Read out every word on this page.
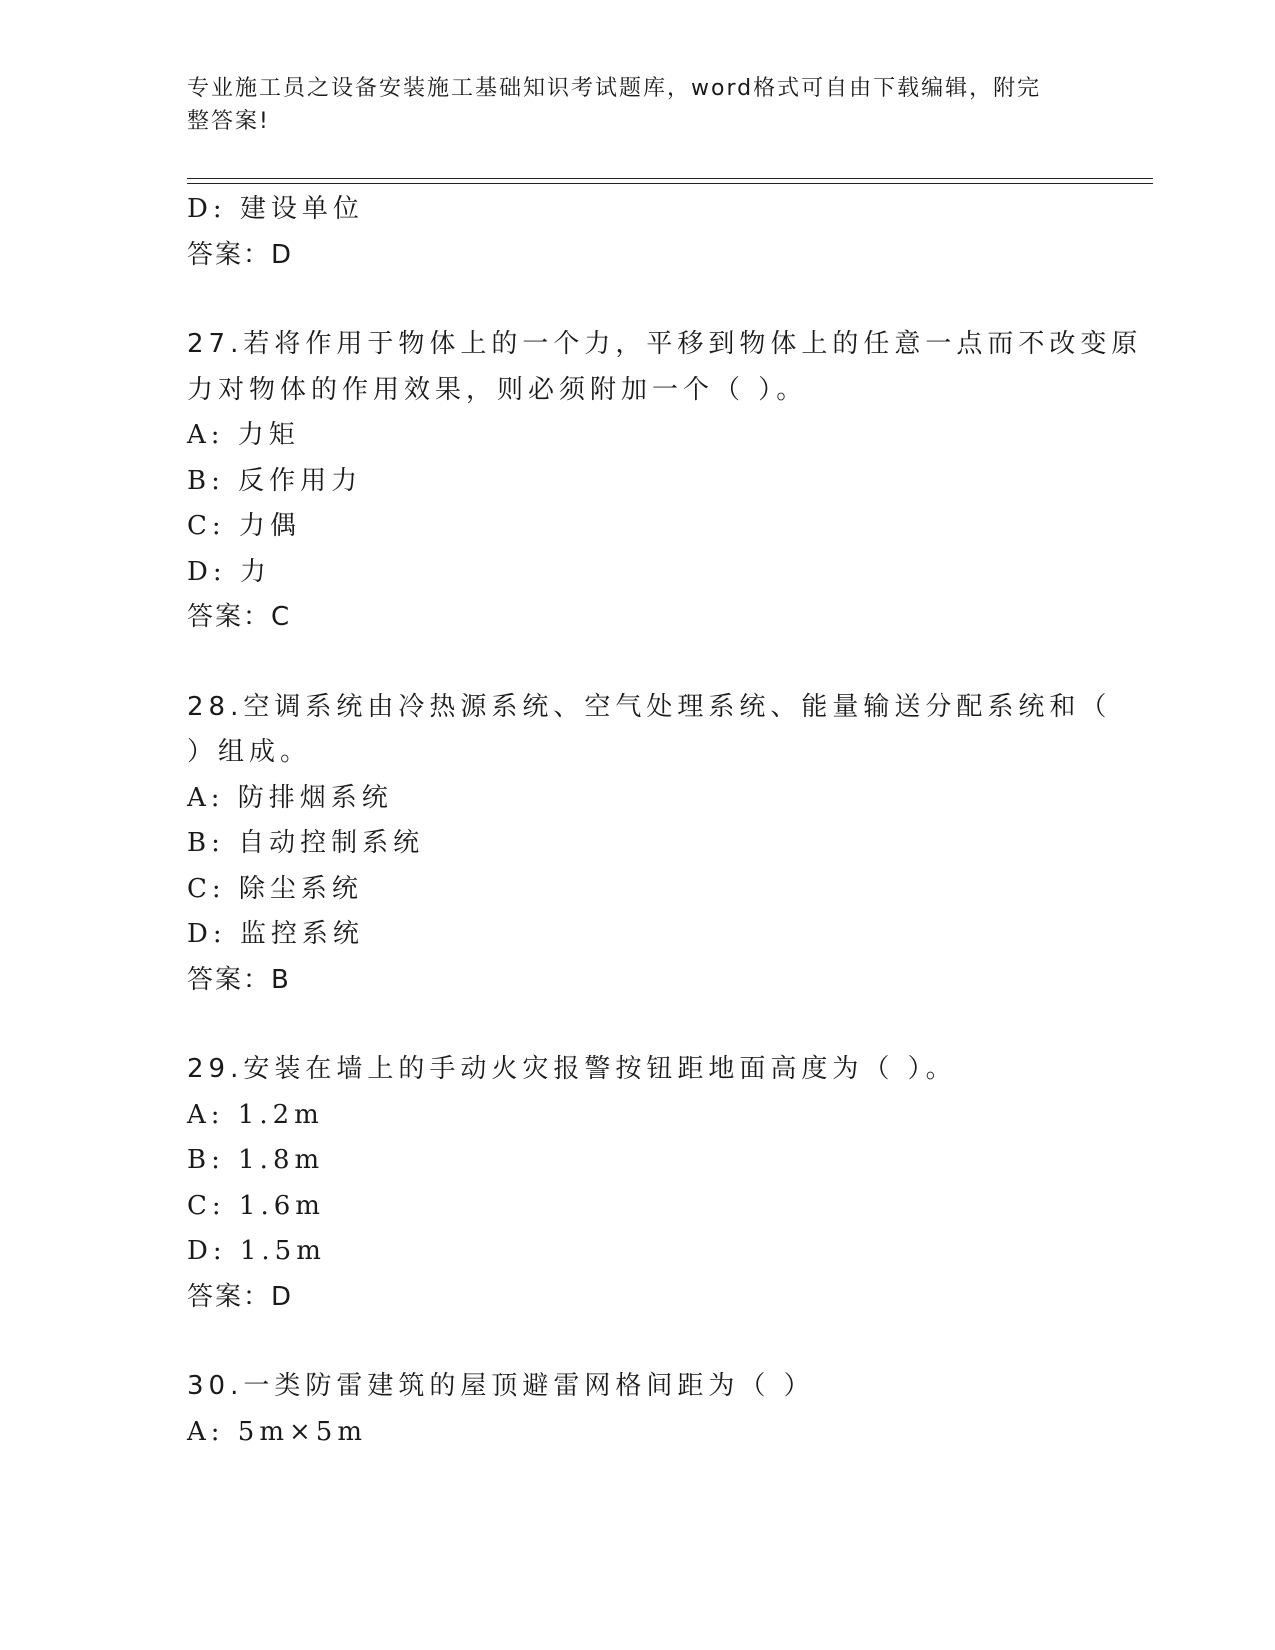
专业施工员之设备安装施工基础知识考试题库，word格式可自由下载编辑，附完
整答案!
D: 建设单位
答案：D
27.若将作用于物体上的一个力，平移到物体上的任意一点而不改变原
力对物体的作用效果，则必须附加一个（ ）。
A: 力矩
B: 反作用力
C: 力偶
D: 力
答案：C
28.空调系统由冷热源系统、空气处理系统、能量输送分配系统和（
）组成。
A: 防排烟系统
B: 自动控制系统
C: 除尘系统
D: 监控系统
答案：B
29.安装在墙上的手动火灾报警按钮距地面高度为（ ）。
A: 1.2m
B: 1.8m
C: 1.6m
D: 1.5m
答案：D
30.一类防雷建筑的屋顶避雷网格间距为（ ）
A: 5m×5m
